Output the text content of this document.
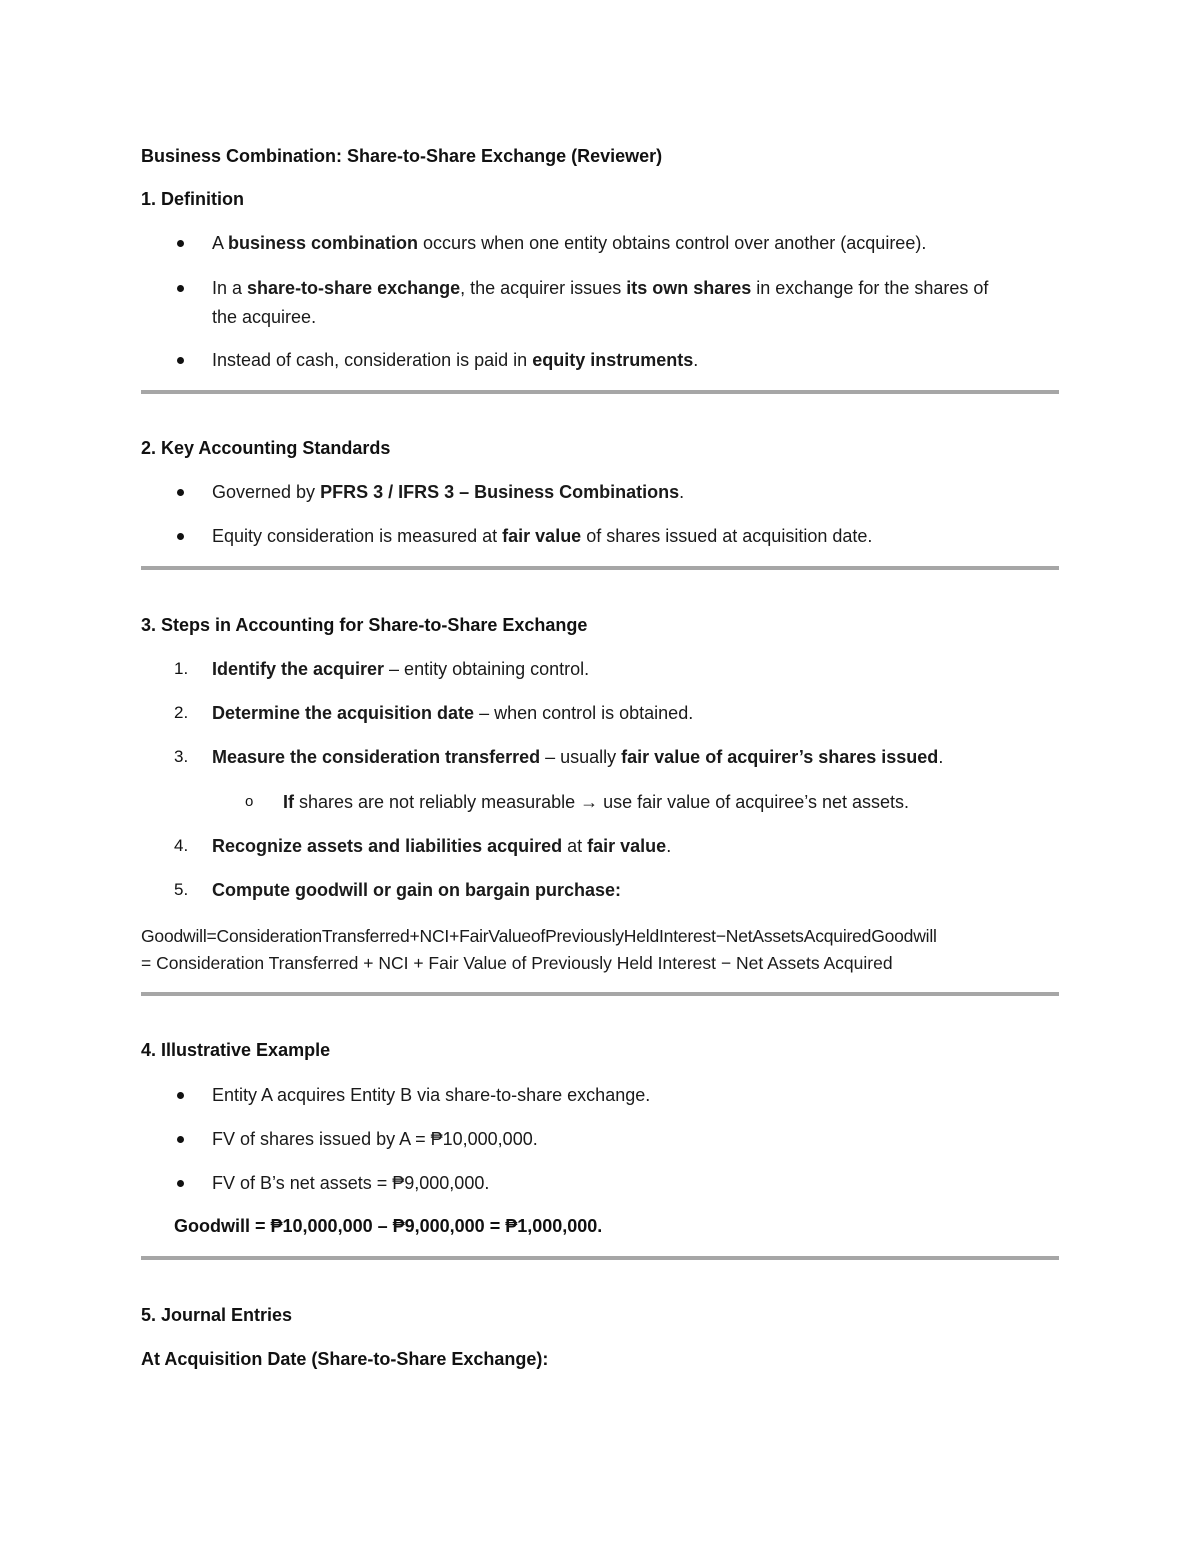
Business Combination: Share-to-Share Exchange (Reviewer)
1. Definition
A business combination occurs when one entity obtains control over another (acquiree).
In a share-to-share exchange, the acquirer issues its own shares in exchange for the shares of
the acquiree.
Instead of cash, consideration is paid in equity instruments.
2. Key Accounting Standards
Governed by PFRS 3 / IFRS 3 – Business Combinations.
Equity consideration is measured at fair value of shares issued at acquisition date.
3. Steps in Accounting for Share-to-Share Exchange
1. Identify the acquirer – entity obtaining control.
2. Determine the acquisition date – when control is obtained.
3. Measure the consideration transferred – usually fair value of acquirer’s shares issued.
o If shares are not reliably measurable → use fair value of acquiree’s net assets.
4. Recognize assets and liabilities acquired at fair value.
5. Compute goodwill or gain on bargain purchase:
Goodwill=ConsiderationTransferred+NCI+FairValueofPreviouslyHeldInterest−NetAssetsAcquiredGoodwill
= Consideration Transferred + NCI + Fair Value of Previously Held Interest − Net Assets Acquired
4. Illustrative Example
Entity A acquires Entity B via share-to-share exchange.
FV of shares issued by A = ₱10,000,000.
FV of B’s net assets = ₱9,000,000.
Goodwill = ₱10,000,000 – ₱9,000,000 = ₱1,000,000.
5. Journal Entries
At Acquisition Date (Share-to-Share Exchange):
